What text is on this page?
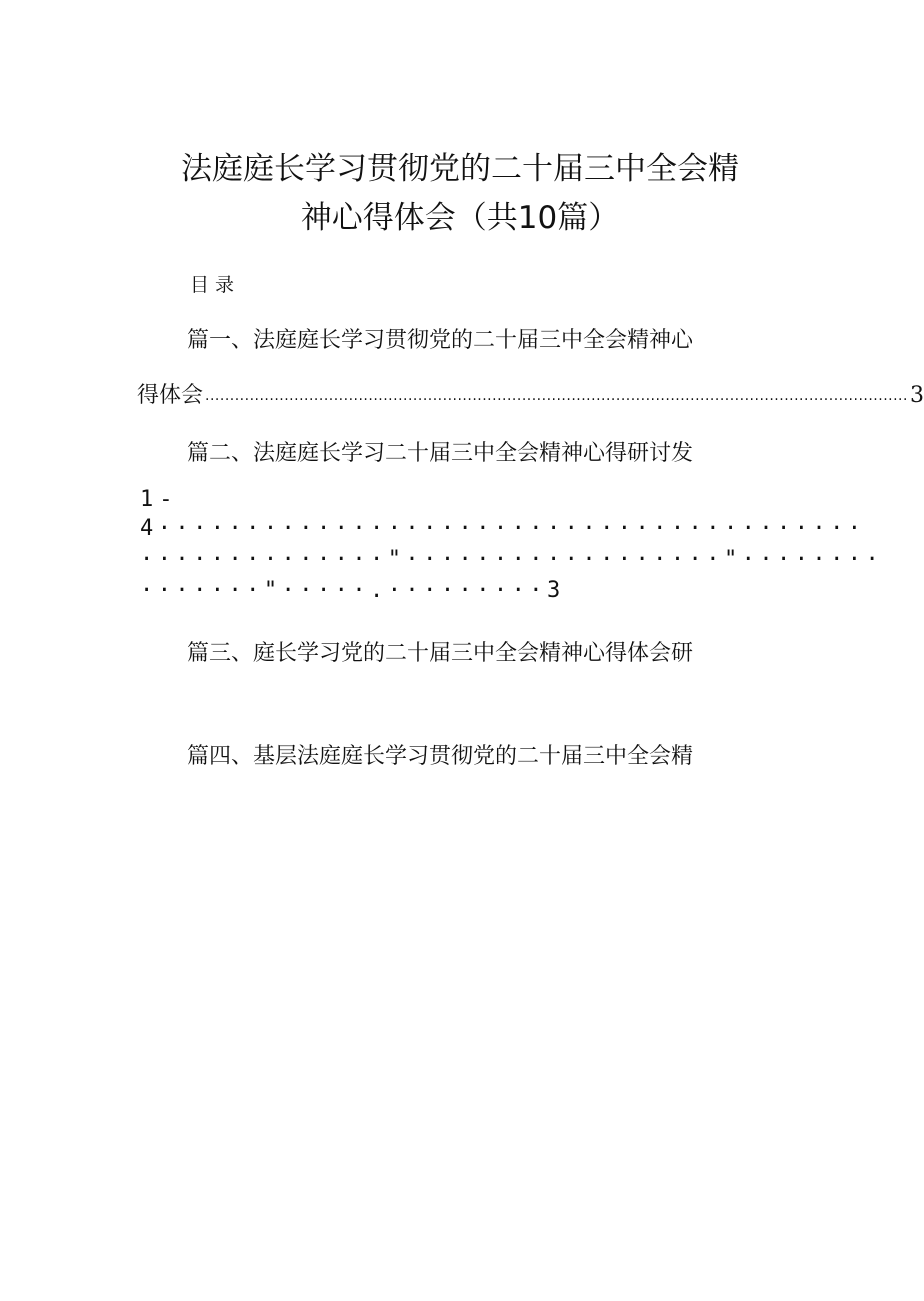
法庭庭长学习贯彻党的二十届三中全会精
神心得体会（共10篇）
目录
篇一、法庭庭长学习贯彻党的二十届三中全会精神心
得体会 .............................................................................................................................................. 3
篇二、法庭庭长学习二十届三中全会精神心得研讨发
1-
4········································
··············"··················"········
·······"·····.·········3
篇三、庭长学习党的二十届三中全会精神心得体会研
篇四、基层法庭庭长学习贯彻党的二十届三中全会精
